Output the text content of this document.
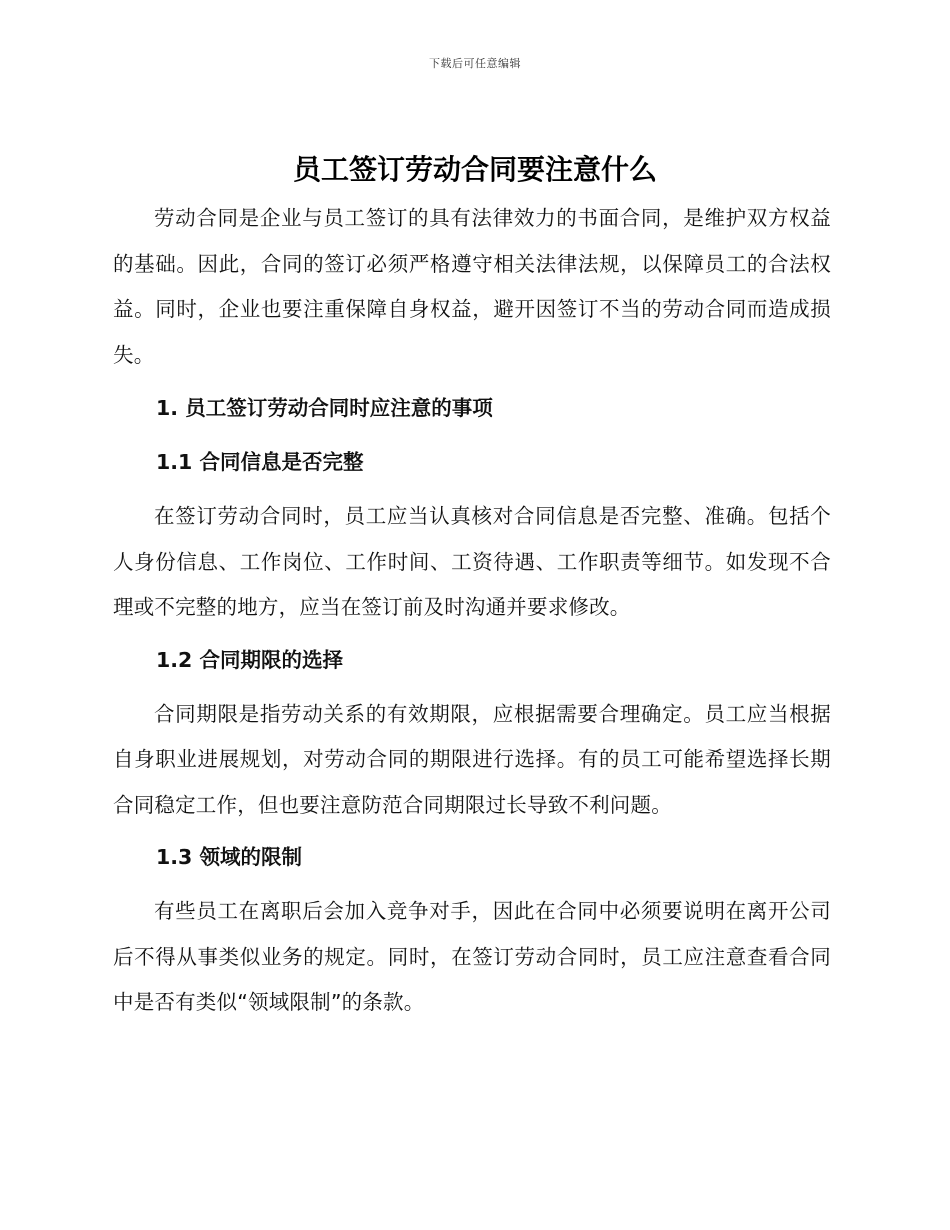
下载后可任意编辑
员工签订劳动合同要注意什么

劳动合同是企业与员工签订的具有法律效力的书面合同，是维护双方权益的基础。因此，合同的签订必须严格遵守相关法律法规，以保障员工的合法权益。同时，企业也要注重保障自身权益，避开因签订不当的劳动合同而造成损失。

1. 员工签订劳动合同时应注意的事项
1.1 合同信息是否完整

在签订劳动合同时，员工应当认真核对合同信息是否完整、准确。包括个人身份信息、工作岗位、工作时间、工资待遇、工作职责等细节。如发现不合理或不完整的地方，应当在签订前及时沟通并要求修改。

1.2 合同期限的选择

合同期限是指劳动关系的有效期限，应根据需要合理确定。员工应当根据自身职业进展规划，对劳动合同的期限进行选择。有的员工可能希望选择长期合同稳定工作，但也要注意防范合同期限过长导致不利问题。

1.3 领域的限制

有些员工在离职后会加入竞争对手，因此在合同中必须要说明在离开公司后不得从事类似业务的规定。同时，在签订劳动合同时，员工应注意查看合同中是否有类似“领域限制”的条款。
